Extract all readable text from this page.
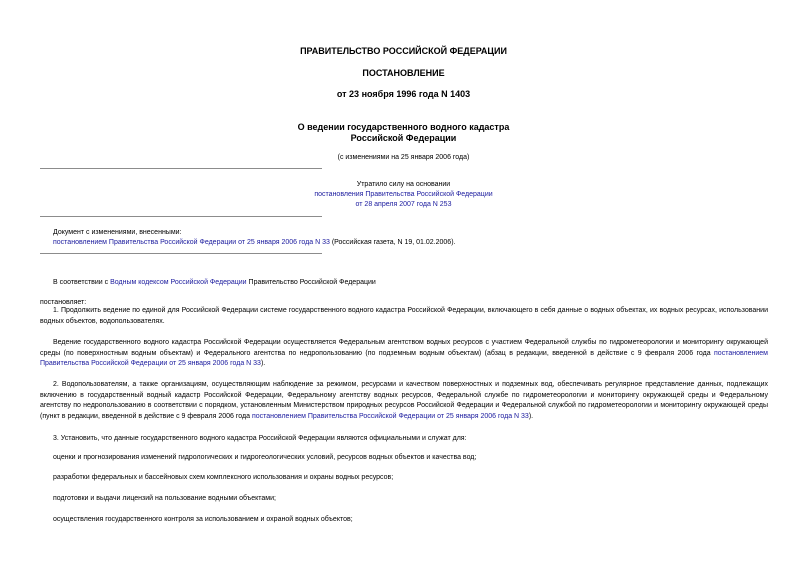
ПРАВИТЕЛЬСТВО РОССИЙСКОЙ ФЕДЕРАЦИИ
ПОСТАНОВЛЕНИЕ
от 23 ноября 1996 года N 1403
О ведении государственного водного кадастра
Российской Федерации
(с изменениями на 25 января 2006 года)
Утратило силу на основании
постановления Правительства Российской Федерации
от 28 апреля 2007 года N 253
Документ с изменениями, внесенными:
постановлением Правительства Российской Федерации от 25 января 2006 года N 33 (Российская газета, N 19, 01.02.2006).
В соответствии с Водным кодексом Российской Федерации Правительство Российской Федерации
постановляет:
1. Продолжить ведение по единой для Российской Федерации системе государственного водного кадастра Российской Федерации, включающего в себя данные о водных объектах, их водных ресурсах, использовании водных объектов, водопользователях.
Ведение государственного водного кадастра Российской Федерации осуществляется Федеральным агентством водных ресурсов с участием Федеральной службы по гидрометеорологии и мониторингу окружающей среды (по поверхностным водным объектам) и Федерального агентства по недропользованию (по подземным водным объектам) (абзац в редакции, введенной в действие с 9 февраля 2006 года постановлением Правительства Российской Федерации от 25 января 2006 года N 33).
2. Водопользователям, а также организациям, осуществляющим наблюдение за режимом, ресурсами и качеством поверхностных и подземных вод, обеспечивать регулярное представление данных, подлежащих включению в государственный водный кадастр Российской Федерации, Федеральному агентству водных ресурсов, Федеральной службе по гидрометеорологии и мониторингу окружающей среды и Федеральному агентству по недропользованию в соответствии с порядком, установленным Министерством природных ресурсов Российской Федерации и Федеральной службой по гидрометеорологии и мониторингу окружающей среды (пункт в редакции, введенной в действие с 9 февраля 2006 года постановлением Правительства Российской Федерации от 25 января 2006 года N 33).
3. Установить, что данные государственного водного кадастра Российской Федерации являются официальными и служат для:
оценки и прогнозирования изменений гидрологических и гидрогеологических условий, ресурсов водных объектов и качества вод;
разработки федеральных и бассейновых схем комплексного использования и охраны водных ресурсов;
подготовки и выдачи лицензий на пользование водными объектами;
осуществления государственного контроля за использованием и охраной водных объектов;
